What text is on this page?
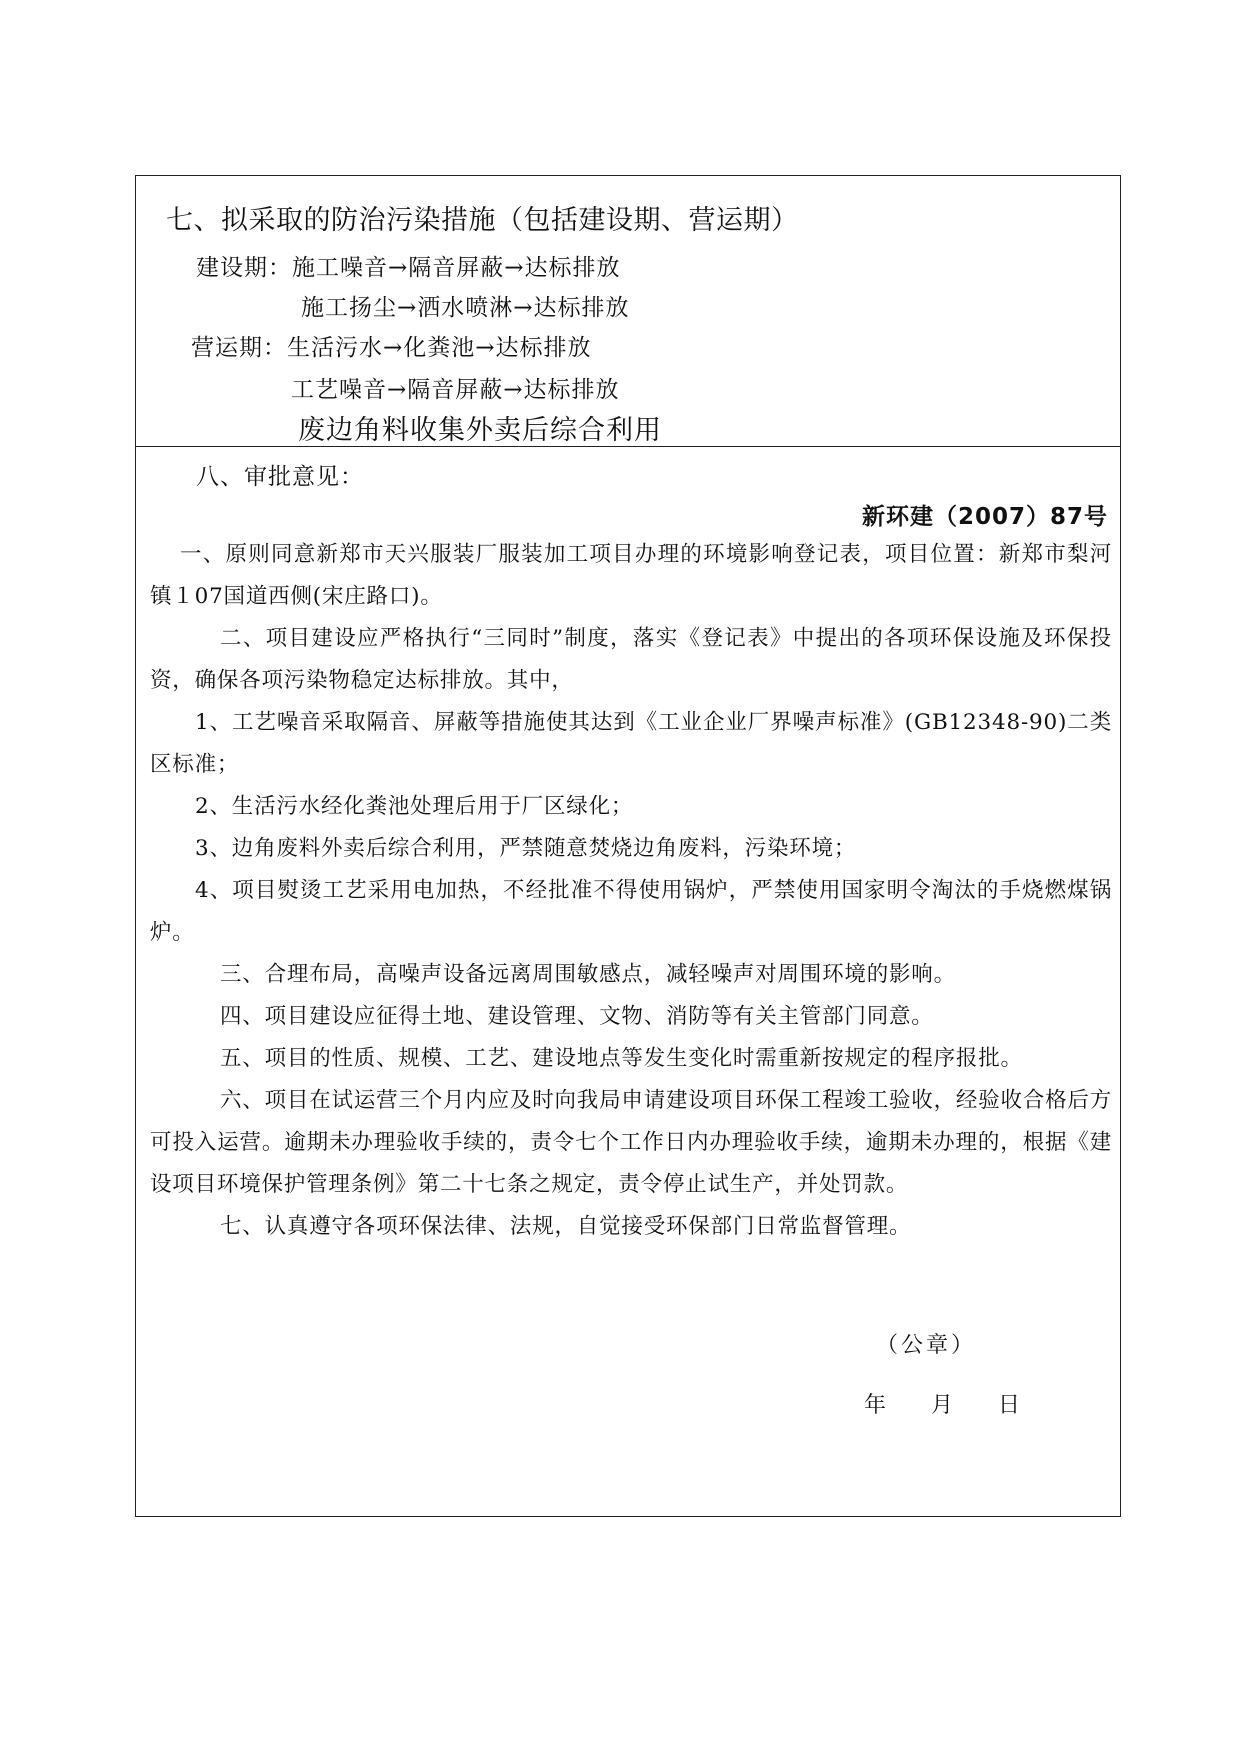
七、拟采取的防治污染措施（包括建设期、营运期）
建设期：施工噪音→隔音屏蔽→达标排放
施工扬尘→洒水喷淋→达标排放
营运期：生活污水→化粪池→达标排放
工艺噪音→隔音屏蔽→达标排放
废边角料收集外卖后综合利用
八、审批意见：
新环建（2007）87号

一、原则同意新郑市天兴服装厂服装加工项目办理的环境影响登记表，项目位置：新郑市梨河镇１07国道西侧(宋庄路口)。

二、项目建设应严格执行“三同时”制度，落实《登记表》中提出的各项环保设施及环保投资，确保各项污染物稳定达标排放。其中，

1、工艺噪音采取隔音、屏蔽等措施使其达到《工业企业厂界噪声标准》(GB12348-90)二类区标准；

2、生活污水经化粪池处理后用于厂区绿化；

3、边角废料外卖后综合利用，严禁随意焚烧边角废料，污染环境；

4、项目熨烫工艺采用电加热，不经批准不得使用锅炉，严禁使用国家明令淘汰的手烧燃煤锅炉。

三、合理布局，高噪声设备远离周围敏感点，减轻噪声对周围环境的影响。

四、项目建设应征得土地、建设管理、文物、消防等有关主管部门同意。

五、项目的性质、规模、工艺、建设地点等发生变化时需重新按规定的程序报批。

六、项目在试运营三个月内应及时向我局申请建设项目环保工程竣工验收，经验收合格后方可投入运营。逾期未办理验收手续的，责令七个工作日内办理验收手续，逾期未办理的，根据《建设项目环境保护管理条例》第二十七条之规定，责令停止试生产，并处罚款。

七、认真遵守各项环保法律、法规，自觉接受环保部门日常监督管理。

（公章）
年 月 日
